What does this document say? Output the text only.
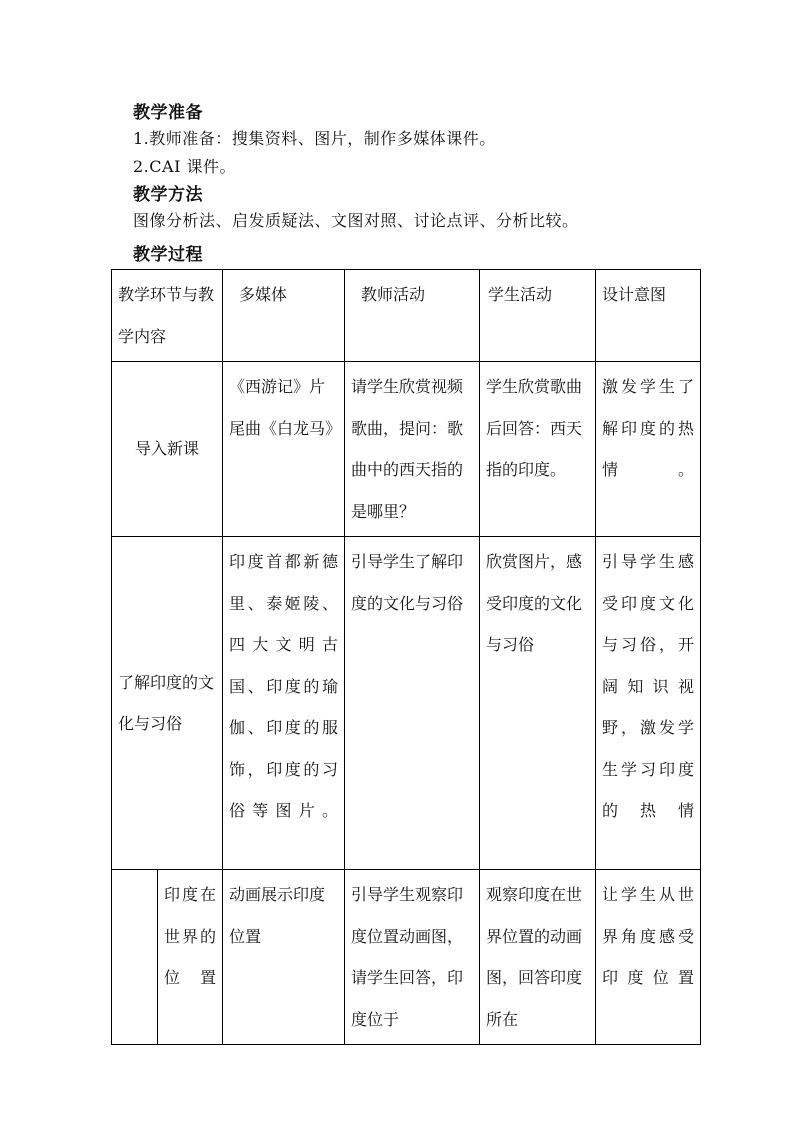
教学准备
1.教师准备：搜集资料、图片，制作多媒体课件。
2.CAI 课件。
教学方法
图像分析法、启发质疑法、文图对照、讨论点评、分析比较。
教学过程
教学环节与教学内容		多媒体	教师活动	学生活动	设计意图
导入新课		《西游记》片尾曲《白龙马》	请学生欣赏视频歌曲，提问：歌曲中的西天指的是哪里？	学生欣赏歌曲后回答：西天指的印度。	激发学生了解印度的热情。
了解印度的文化与习俗		印度首都新德里、泰姬陵、四大文明古国、印度的瑜伽、印度的服饰，印度的习俗等图片。	引导学生了解印度的文化与习俗	欣赏图片，感受印度的文化与习俗	引导学生感受印度文化与习俗，开阔知识视野，激发学生学习印度的热情
	印度在世界的位置	动画展示印度位置	引导学生观察印度位置动画图，请学生回答，印度位于	观察印度在世界位置的动画图，回答印度所在	让学生从世界角度感受印度位置
